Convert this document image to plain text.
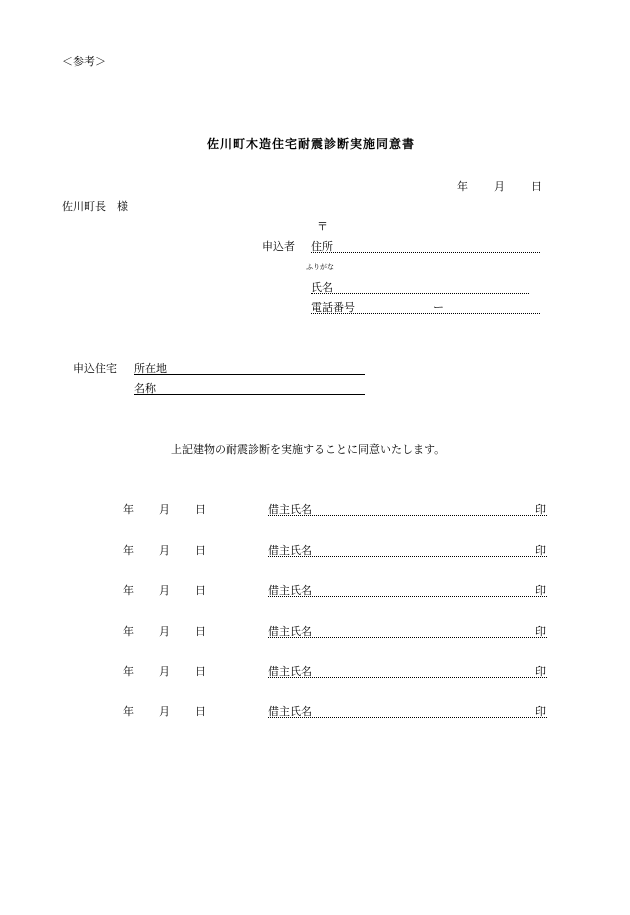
＜参考＞
佐川町木造住宅耐震診断実施同意書
年 月 日
佐川町長　様
〒
申込者 住所
ふりがな
氏名
電話番号	ー
申込住宅 所在地
名称
上記建物の耐震診断を実施することに同意いたします。
年 月 日	借主氏名	印
年 月 日	借主氏名	印
年 月 日	借主氏名	印
年 月 日	借主氏名	印
年 月 日	借主氏名	印
年 月 日	借主氏名	印
